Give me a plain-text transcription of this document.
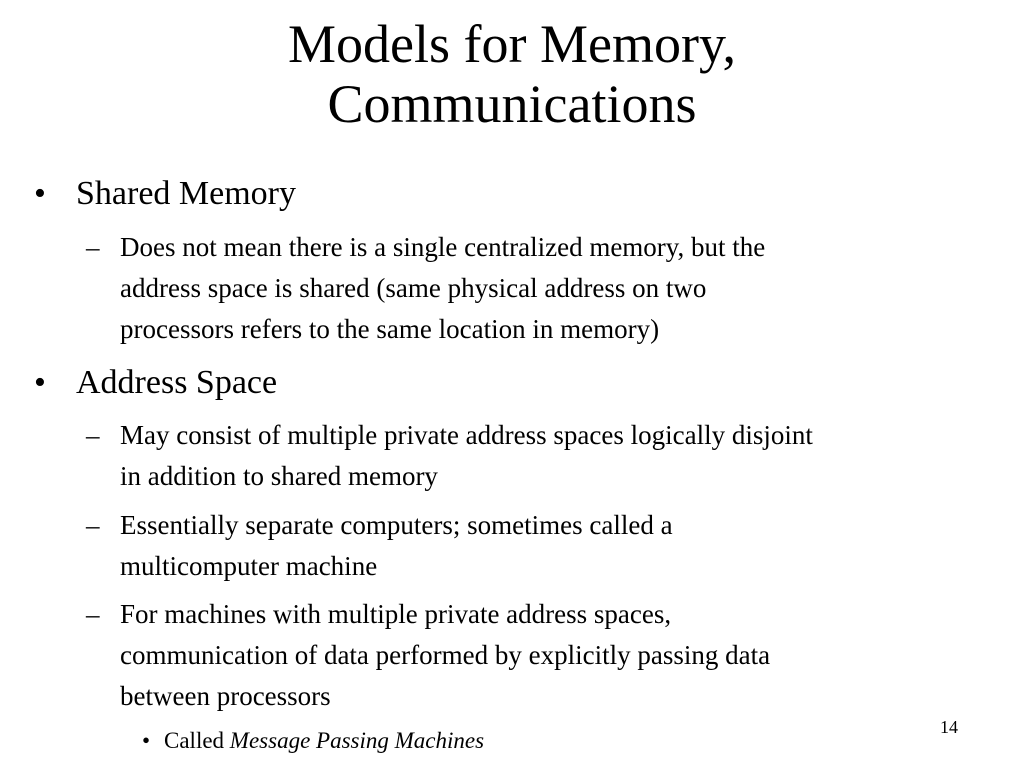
Models for Memory,
Communications
• Shared Memory
– Does not mean there is a single centralized memory, but the
address space is shared (same physical address on two
processors refers to the same location in memory)
• Address Space
– May consist of multiple private address spaces logically disjoint
in addition to shared memory
– Essentially separate computers; sometimes called a
multicomputer machine
– For machines with multiple private address spaces,
communication of data performed by explicitly passing data
between processors
• Called Message Passing Machines
14
